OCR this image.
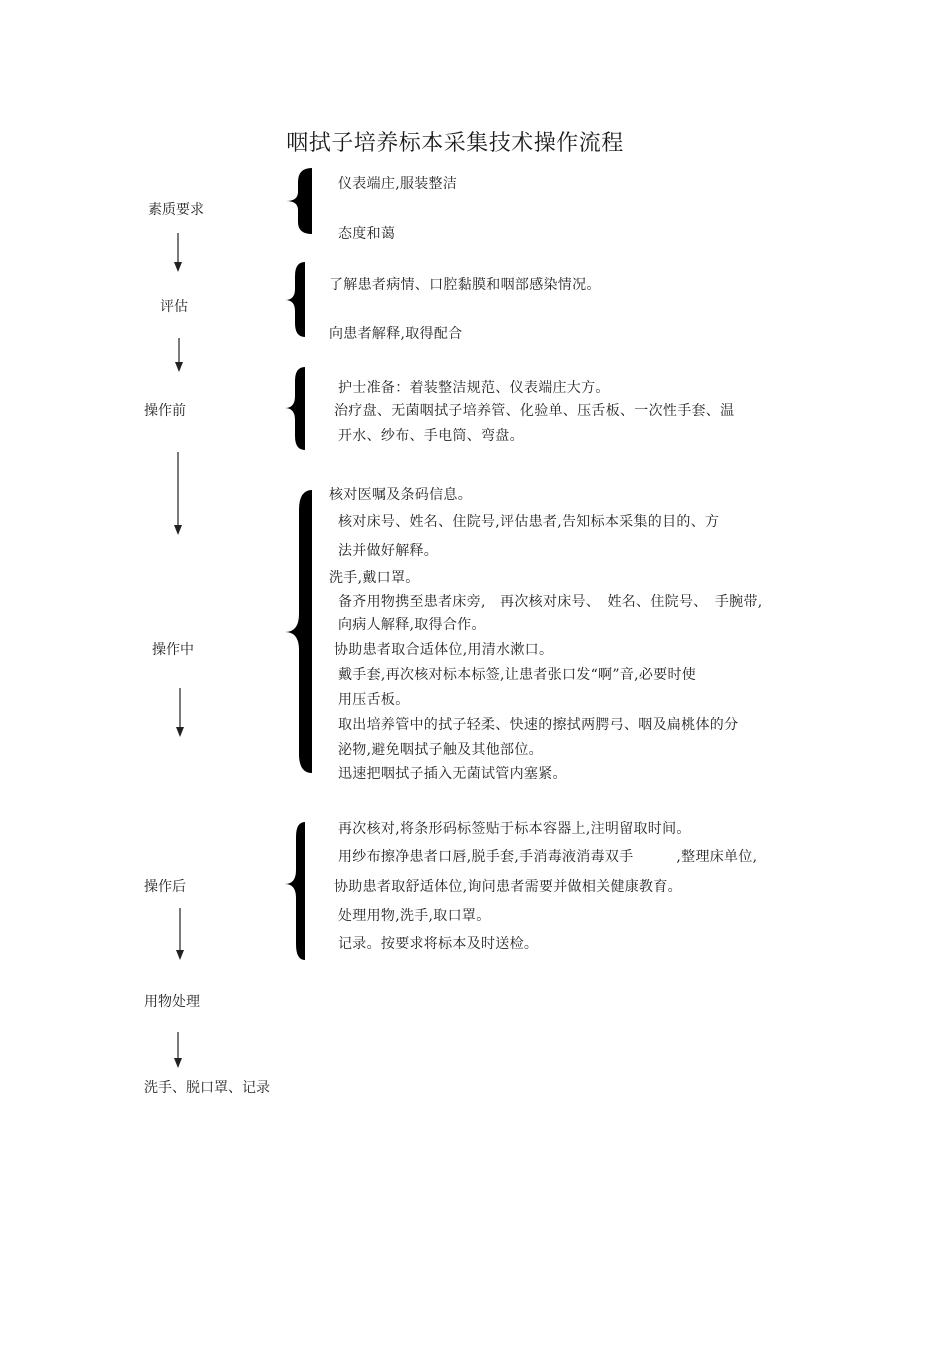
咽拭子培养标本采集技术操作流程
素质要求
评估
操作前
操作中
操作后
用物处理
洗手、脱口罩、记录
仪表端庄,服装整洁
态度和蔼
了解患者病情、口腔黏膜和咽部感染情况。
向患者解释,取得配合
护士准备：着装整洁规范、仪表端庄大方。
治疗盘、无菌咽拭子培养管、化验单、压舌板、一次性手套、温
开水、纱布、手电筒、弯盘。
核对医嘱及条码信息。
核对床号、姓名、住院号,评估患者,告知标本采集的目的、方
法并做好解释。
洗手,戴口罩。
备齐用物携至患者床旁,　再次核对床号、　姓名、住院号、　手腕带,
向病人解释,取得合作。
协助患者取合适体位,用清水漱口。
戴手套,再次核对标本标签,让患者张口发“啊”音,必要时使
用压舌板。
取出培养管中的拭子轻柔、快速的擦拭两腭弓、咽及扁桃体的分
泌物,避免咽拭子触及其他部位。
迅速把咽拭子插入无菌试管内塞紧。
再次核对,将条形码标签贴于标本容器上,注明留取时间。
用纱布擦净患者口唇,脱手套,手消毒液消毒双手　　　,整理床单位,
协助患者取舒适体位,询问患者需要并做相关健康教育。
处理用物,洗手,取口罩。
记录。按要求将标本及时送检。
